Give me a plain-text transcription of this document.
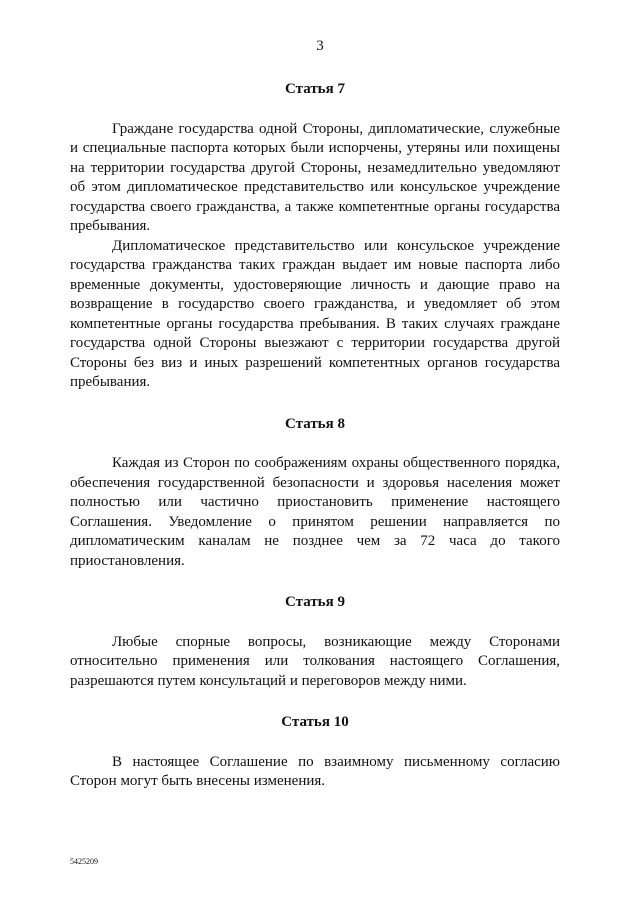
3
Статья 7

Граждане государства одной Стороны, дипломатические, служебные и специальные паспорта которых были испорчены, утеряны или похищены на территории государства другой Стороны, незамедлительно уведомляют об этом дипломатическое представительство или консульское учреждение государства своего гражданства, а также компетентные органы государства пребывания.

Дипломатическое представительство или консульское учреждение государства гражданства таких граждан выдает им новые паспорта либо временные документы, удостоверяющие личность и дающие право на возвращение в государство своего гражданства, и уведомляет об этом компетентные органы государства пребывания. В таких случаях граждане государства одной Стороны выезжают с территории государства другой Стороны без виз и иных разрешений компетентных органов государства пребывания.

Статья 8

Каждая из Сторон по соображениям охраны общественного порядка, обеспечения государственной безопасности и здоровья населения может полностью или частично приостановить применение настоящего Соглашения. Уведомление о принятом решении направляется по дипломатическим каналам не позднее чем за 72 часа до такого приостановления.

Статья 9

Любые спорные вопросы, возникающие между Сторонами относительно применения или толкования настоящего Соглашения, разрешаются путем консультаций и переговоров между ними.

Статья 10

В настоящее Соглашение по взаимному письменному согласию Сторон могут быть внесены изменения.

5425209
